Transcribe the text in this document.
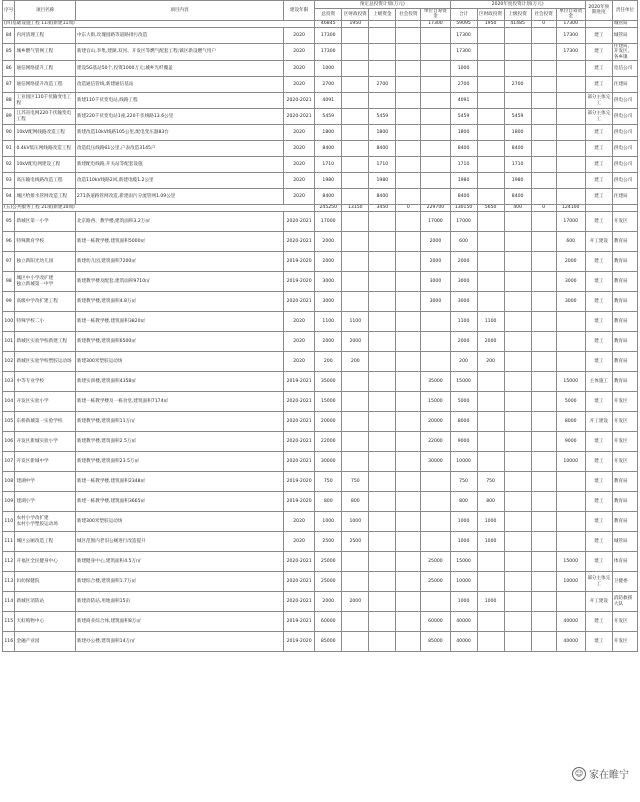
序号	项目名称	项目内容	建设年限	预定总投资计划(万元)					2020年度投资计划(万元)					2020年预期进度	责任单位
				总投资	区财政投资	上级资金	社会投资	单位自筹资金	合计	区财政投资	上级投资	社会投资	单位自筹资金		
(四)基础设施工程 11项(新建11项)				46845	1950			17300	59095	1950	41485	0	17300		城管局
84	内河清理工程	中东大街,玫瑰园路等道路排污改造	2020	17300					17300				17300	建工	城管局
85	城乡燃气管网工程	新建官山,李集,建湖,双河、开发区等燃气配套工程;镇区新设燃气用户	2020	17300					17300				17300	建工	住建局、开发区、各乡镇
86	通信网络提升工程	建设5G基站50个,投资1000万元;城乡光纤覆盖	2020	1000					1000					建工	电信公司
87	通信网络提升改造工程	改造通信管线,新建通信基站	2020	2700		2700			2700		2700			建工	住建局
88	工业园区110千伏输变电工程	新建110千伏变电站,线路工程	2020-2021	4091					4091					部分主体完工	供电公司
89	江苏省电网220千伏输变电工程	新建220千伏变电站1座,220千伏线路13.6公里	2020-2021	5459		5459			5459		5459			部分主体完工	供电公司
90	10kV配网线路改造工程	新建改造10kV线路105公里,配电变压器83台	2020	1800		1800			1800		1800			建工	供电公司
91	0.4kV低压网线路改造工程	改造低压线路61公里,户表改造3145户	2020	8400		8400			8400		8400			建工	供电公司
92	10kV配电网建设工程	新建配电线路,开关站等配套设施	2020	1710		1710			1710		1710			建工	供电公司
93	高压输电线路改造工程	改造110kV线路2回,新建电缆1.2公里	2020	1980		1980			1980		1980			建工	供电公司
94	城区给排水管网改造工程	271条道路管网改造,新建雨污分流管网1.09公里	2020	8400		8400			8400		8400			建工	住建局
(五)公共服务工程 21项(新建10项)				245250	13150	3450	0	229700	130150	5650	400	0	124100		
95	新城区第一小学	北京路西、教学楼,建筑面积3.2万㎡	2020-2021	17000				17000	17000				17000	建工	开发区
96	特殊教育学校	新建一栋教学楼,建筑面积5000㎡	2020-2021	2000				2000	600				600	开工建设	教育局
97	独立新阳光幼儿园	新建幼儿园,建筑面积7200㎡	2019-2020	2000				2000	2000				2000	建工	教育局
98	城区中小学改扩建
独立新城第一中学	新建教学楼及配套,建筑面积9710㎡	2019-2020	3000				3000	3000				3000	建工	教育局
99	高级中学改扩建工程	新建教学楼,建筑面积4.8万㎡	2020-2021	3000				3000	3000				3000	建工	教育局
100	特殊学校二小	新建一栋教学楼,建筑面积3820㎡	2020	1100	1100				1100	1100				建工	教育局
101	新城区实验学校新建工程	新建教学楼,建筑面积6500㎡	2020	2000	2000				2000	2000				建工	教育局
102	新城区实验学校塑胶运动场	新建300米塑胶运动场	2020	200	200				200	200				建工	教育局
103	中等专业学校	新建实训楼,建筑面积4358㎡	2019-2021	35000				35000	15000				15000	主体施工	教育局
104	开发区实验小学	新建一栋教学楼及一栋食堂,建筑面积7174㎡	2020-2021	15000				15000	5000				5000	建工	开发区
105	东桥新城第一实验学校	新建教学楼,建筑面积11万㎡	2020-2021	20000				20000	8000				8000	开工建设	开发区
106	开发区新城实验小学	新建教学楼,建筑面积2.5万㎡	2020-2021	22000				22000	9000				9000	建工	开发区
107	开发区新城中学	新建教学楼,建筑面积23.5万㎡	2020-2021	30000				30000	10000				10000	建工	开发区
108	建湖中学	新建一栋教学楼,建筑面积2348㎡	2019-2020	750	750				750	750				建工	教育局
109	建湖小学	新建一栋教学楼,建筑面积3665㎡	2019-2020	800	800				800	800				建工	教育局
110	农村小学改扩建
农村小学塑胶运动场	新建300米塑胶运动场	2020	1000	1000				1000	1000				建工	教育局
111	城区公厕改造工程	城区范围内老旧公厕进行改造提升	2020	2500	2500				1000	1000				建工	城管局
112	开福区全民健身中心	新建健身中心,建筑面积4.5万㎡	2020-2021	25000				25000	15000				15000	建工	体育局
113	妇幼保健院	新建综合楼,建筑面积1.7万㎡	2020-2021	25000				25000	10000				10000	部分主体完工	卫健委
114	新城区消防站	新建消防站,用地面积15亩	2020-2021	2000	2000				1000	1000				开工建设	消防救援大队
115	天虹购物中心	新建商业综合体,建筑面积8万㎡	2019-2021	60000				60000	40000				40000	建工	开发区
116	金融产业园	新建办公楼,建筑面积14万㎡	2019-2020	85000				85000	40000				40000	建工	开发区
☺ 家在睢宁
